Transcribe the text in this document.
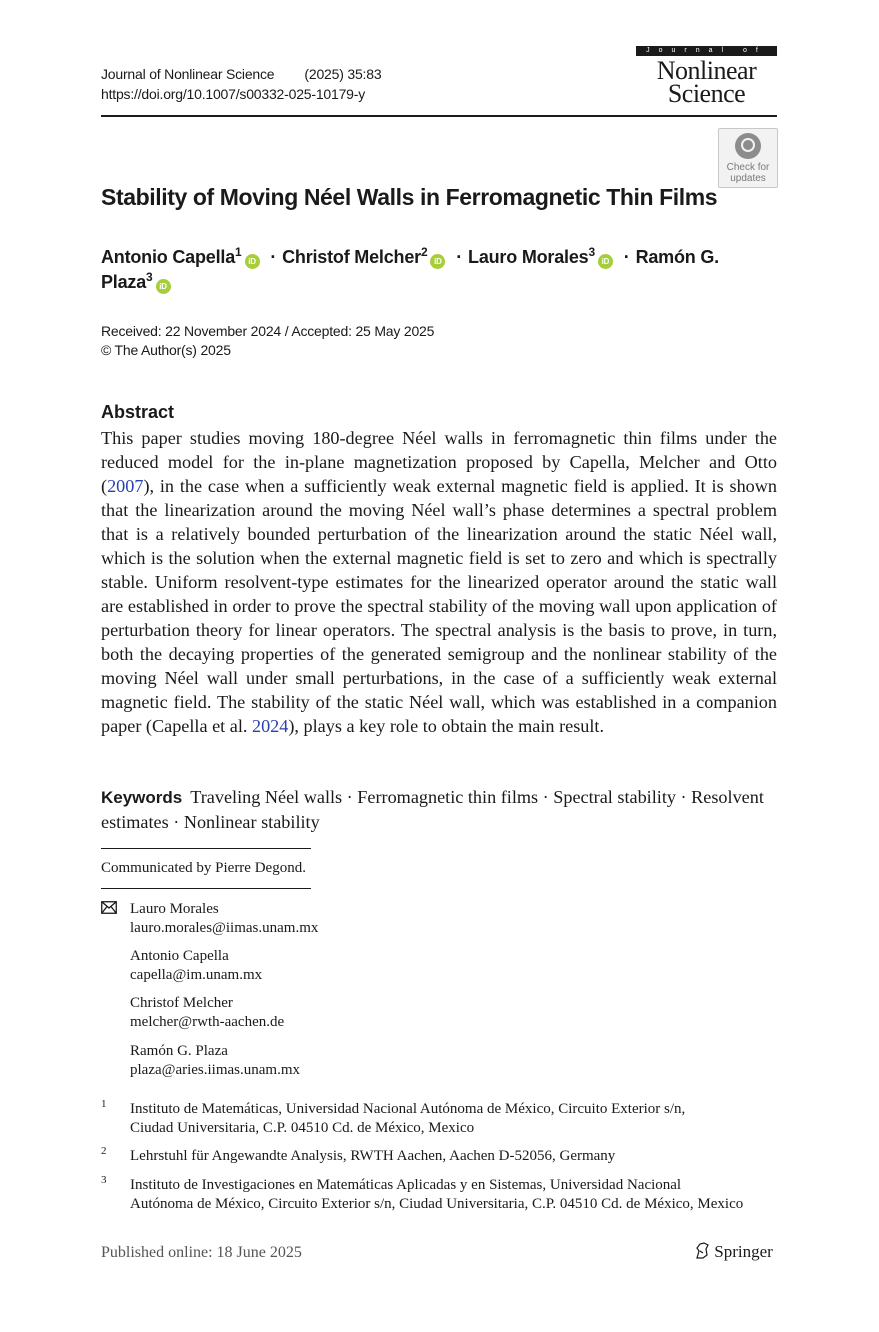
Journal of Nonlinear Science (2025) 35:83
https://doi.org/10.1007/s00332-025-10179-y
Journal of
Nonlinear
Science
Check for
updates
Stability of Moving Néel Walls in Ferromagnetic Thin Films
Antonio Capella$^1$iD · Christof Melcher$^2$iD · Lauro Morales$^3$iD · Ramón G.
Plaza$^3$iD
Received: 22 November 2024 / Accepted: 25 May 2025
© The Author(s) 2025
Abstract
This paper studies moving 180-degree Néel walls in ferromagnetic thin films under the reduced model for the in-plane magnetization proposed by Capella, Melcher and Otto (2007), in the case when a sufficiently weak external magnetic field is applied. It is shown that the linearization around the moving Néel wall’s phase determines a spectral problem that is a relatively bounded perturbation of the linearization around the static Néel wall, which is the solution when the external magnetic field is set to zero and which is spectrally stable. Uniform resolvent-type estimates for the linearized operator around the static wall are established in order to prove the spectral stability of the moving wall upon application of perturbation theory for linear operators. The spectral analysis is the basis to prove, in turn, both the decaying properties of the generated semigroup and the nonlinear stability of the moving Néel wall under small perturbations, in the case of a sufficiently weak external magnetic field. The stability of the static Néel wall, which was established in a companion paper (Capella et al. 2024), plays a key role to obtain the main result.
Keywords Traveling Néel walls · Ferromagnetic thin films · Spectral stability · Resolvent estimates · Nonlinear stability
Communicated by Pierre Degond.
Lauro Morales
lauro.morales@iimas.unam.mx
Antonio Capella
capella@im.unam.mx
Christof Melcher
melcher@rwth-aachen.de
Ramón G. Plaza
plaza@aries.iimas.unam.mx
1 Instituto de Matemáticas, Universidad Nacional Autónoma de México, Circuito Exterior s/n,
Ciudad Universitaria, C.P. 04510 Cd. de México, Mexico
2 Lehrstuhl für Angewandte Analysis, RWTH Aachen, Aachen D-52056, Germany
3 Instituto de Investigaciones en Matemáticas Aplicadas y en Sistemas, Universidad Nacional
Autónoma de México, Circuito Exterior s/n, Ciudad Universitaria, C.P. 04510 Cd. de México, Mexico
Published online: 18 June 2025	Springer
